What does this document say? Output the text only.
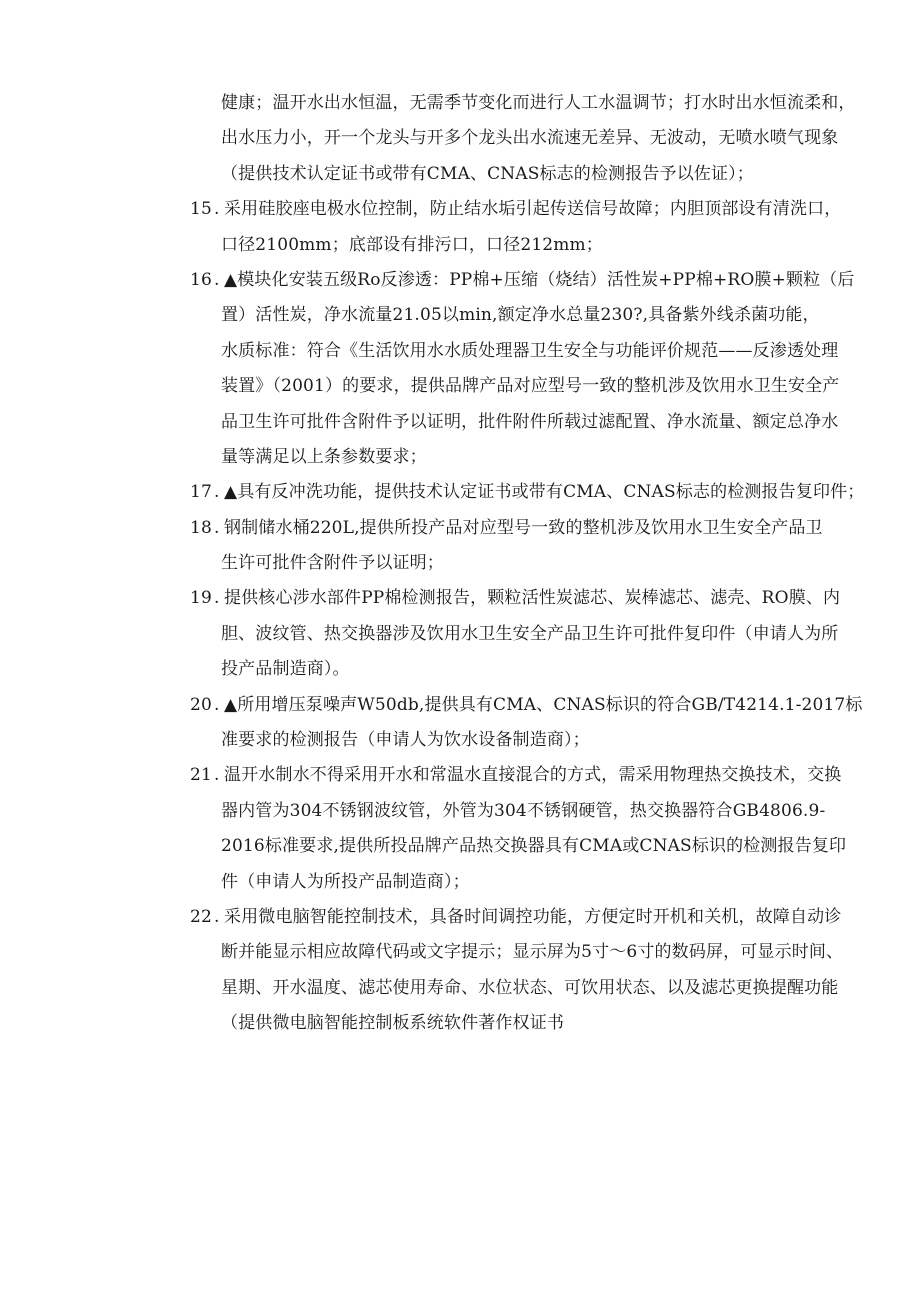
健康；温开水出水恒温，无需季节变化而进行人工水温调节；打水时出水恒流柔和，
出水压力小，开一个龙头与开多个龙头出水流速无差异、无波动，无喷水喷气现象
（提供技术认定证书或带有CMA、CNAS标志的检测报告予以佐证）；
15 . 采用硅胶座电极水位控制，防止结水垢引起传送信号故障；内胆顶部设有清洗口，
口径2100mm；底部设有排污口，口径212mm；
16 . ▲模块化安装五级Ro反渗透：PP棉+压缩（烧结）活性炭+PP棉+RO膜+颗粒（后
置）活性炭，净水流量21.05以min,额定净水总量230?,具备紫外线杀菌功能，
水质标准：符合《生活饮用水水质处理器卫生安全与功能评价规范——反渗透处理
装置》（2001）的要求，提供品牌产品对应型号一致的整机涉及饮用水卫生安全产
品卫生许可批件含附件予以证明，批件附件所载过滤配置、净水流量、额定总净水
量等满足以上条参数要求；
17 . ▲具有反冲洗功能，提供技术认定证书或带有CMA、CNAS标志的检测报告复印件；
18 . 钢制储水桶220L,提供所投产品对应型号一致的整机涉及饮用水卫生安全产品卫
生许可批件含附件予以证明；
19 . 提供核心涉水部件PP棉检测报告，颗粒活性炭滤芯、炭棒滤芯、滤壳、RO膜、内
胆、波纹管、热交换器涉及饮用水卫生安全产品卫生许可批件复印件（申请人为所
投产品制造商）。
20 . ▲所用增压泵噪声W50db,提供具有CMA、CNAS标识的符合GB/T4214.1-2017标
准要求的检测报告（申请人为饮水设备制造商）；
21 . 温开水制水不得采用开水和常温水直接混合的方式，需采用物理热交换技术，交换
器内管为304不锈钢波纹管，外管为304不锈钢硬管，热交换器符合GB4806.9-
2016标准要求,提供所投品牌产品热交换器具有CMA或CNAS标识的检测报告复印
件（申请人为所投产品制造商）；
22 . 采用微电脑智能控制技术，具备时间调控功能，方便定时开机和关机，故障自动诊
断并能显示相应故障代码或文字提示；显示屏为5寸～6寸的数码屏，可显示时间、
星期、开水温度、滤芯使用寿命、水位状态、可饮用状态、以及滤芯更换提醒功能
（提供微电脑智能控制板系统软件著作权证书
